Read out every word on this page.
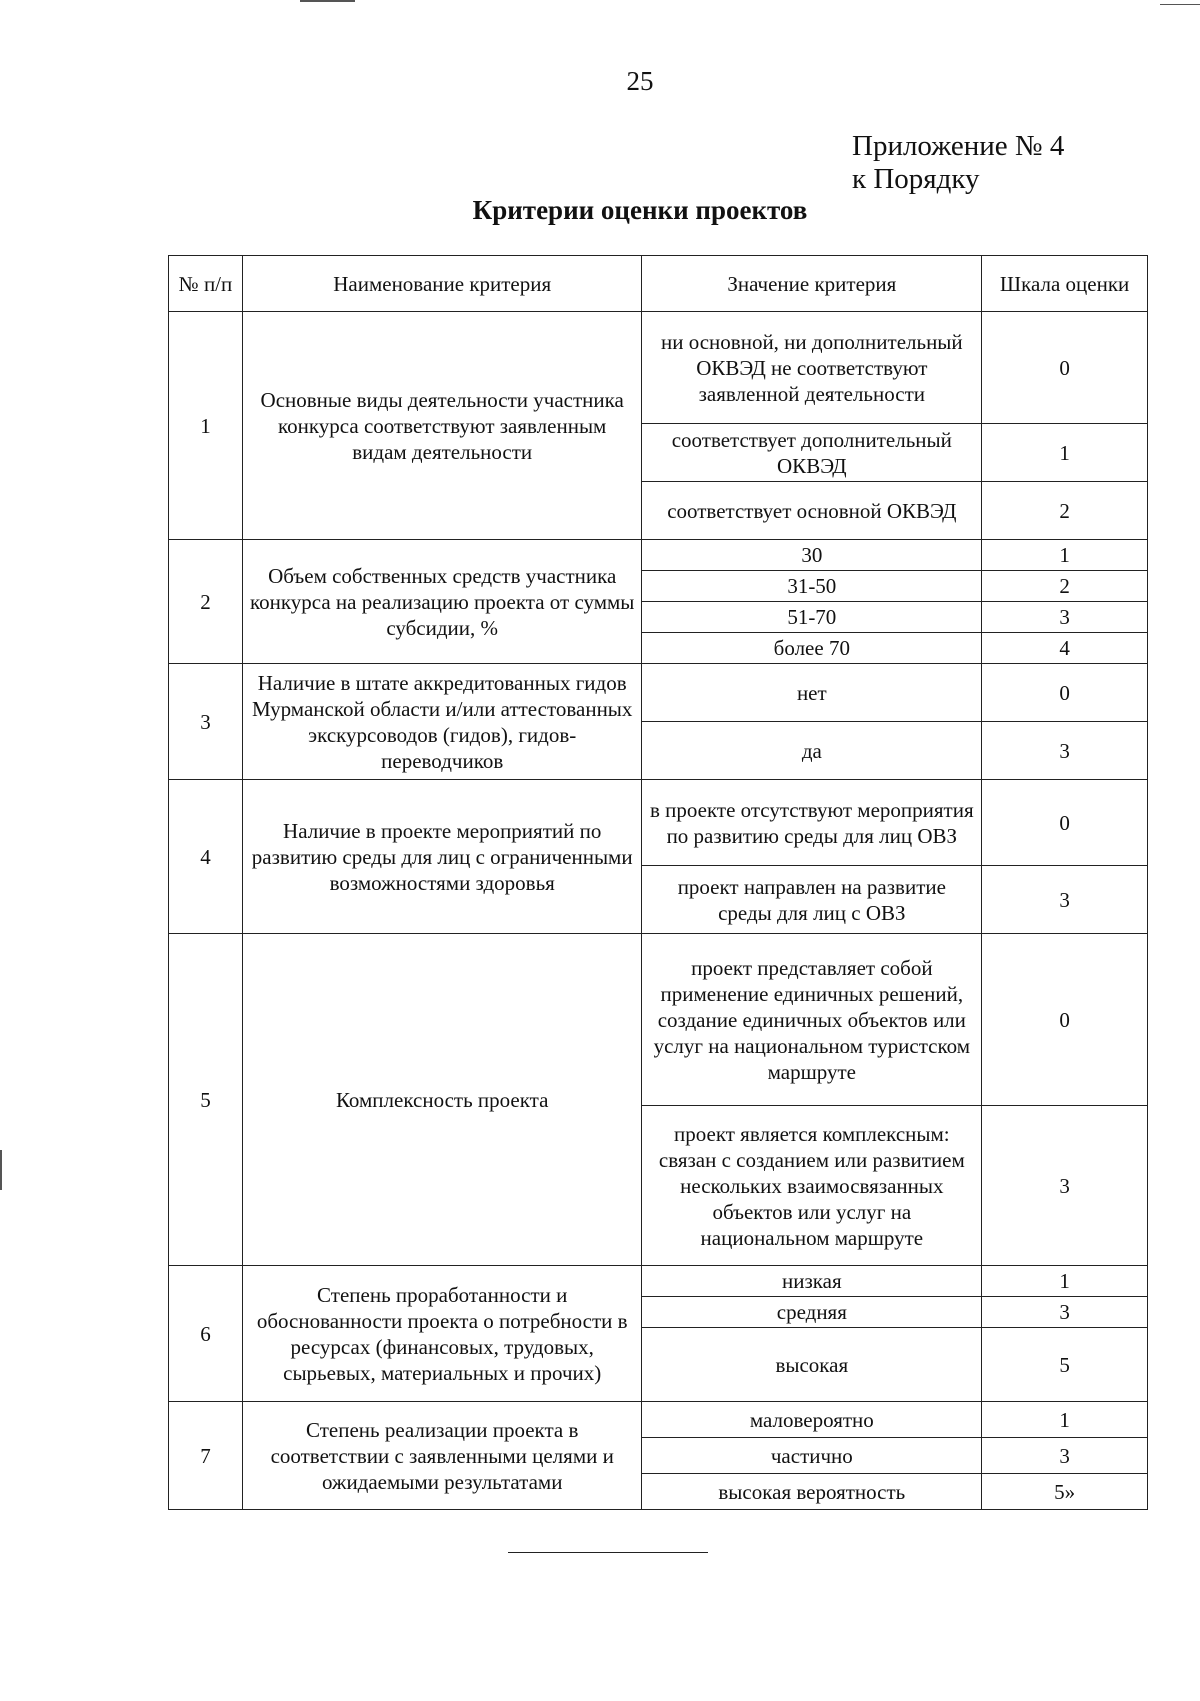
25
Приложение № 4
к Порядку
Критерии оценки проектов
№ п/п	Наименование критерия	Значение критерия	Шкала оценки
1	Основные виды деятельности участника конкурса соответствуют заявленным видам деятельности	ни основной, ни дополнительный ОКВЭД не соответствуют заявленной деятельности	0
		соответствует дополнительный ОКВЭД	1
		соответствует основной ОКВЭД	2
2	Объем собственных средств участника конкурса на реализацию проекта от суммы субсидии, %	30	1
		31-50	2
		51-70	3
		более 70	4
3	Наличие в штате аккредитованных гидов Мурманской области и/или аттестованных экскурсоводов (гидов), гидов-переводчиков	нет	0
		да	3
4	Наличие в проекте мероприятий по развитию среды для лиц с ограниченными возможностями здоровья	в проекте отсутствуют мероприятия по развитию среды для лиц ОВЗ	0
		проект направлен на развитие среды для лиц с ОВЗ	3
5	Комплексность проекта	проект представляет собой применение единичных решений, создание единичных объектов или услуг на национальном туристском маршруте	0
		проект является комплексным: связан с созданием или развитием нескольких взаимосвязанных объектов или услуг на национальном маршруте	3
6	Степень проработанности и обоснованности проекта о потребности в ресурсах (финансовых, трудовых, сырьевых, материальных и прочих)	низкая	1
		средняя	3
		высокая	5
7	Степень реализации проекта в соответствии с заявленными целями и ожидаемыми результатами	маловероятно	1
		частично	3
		высокая вероятность	5»
